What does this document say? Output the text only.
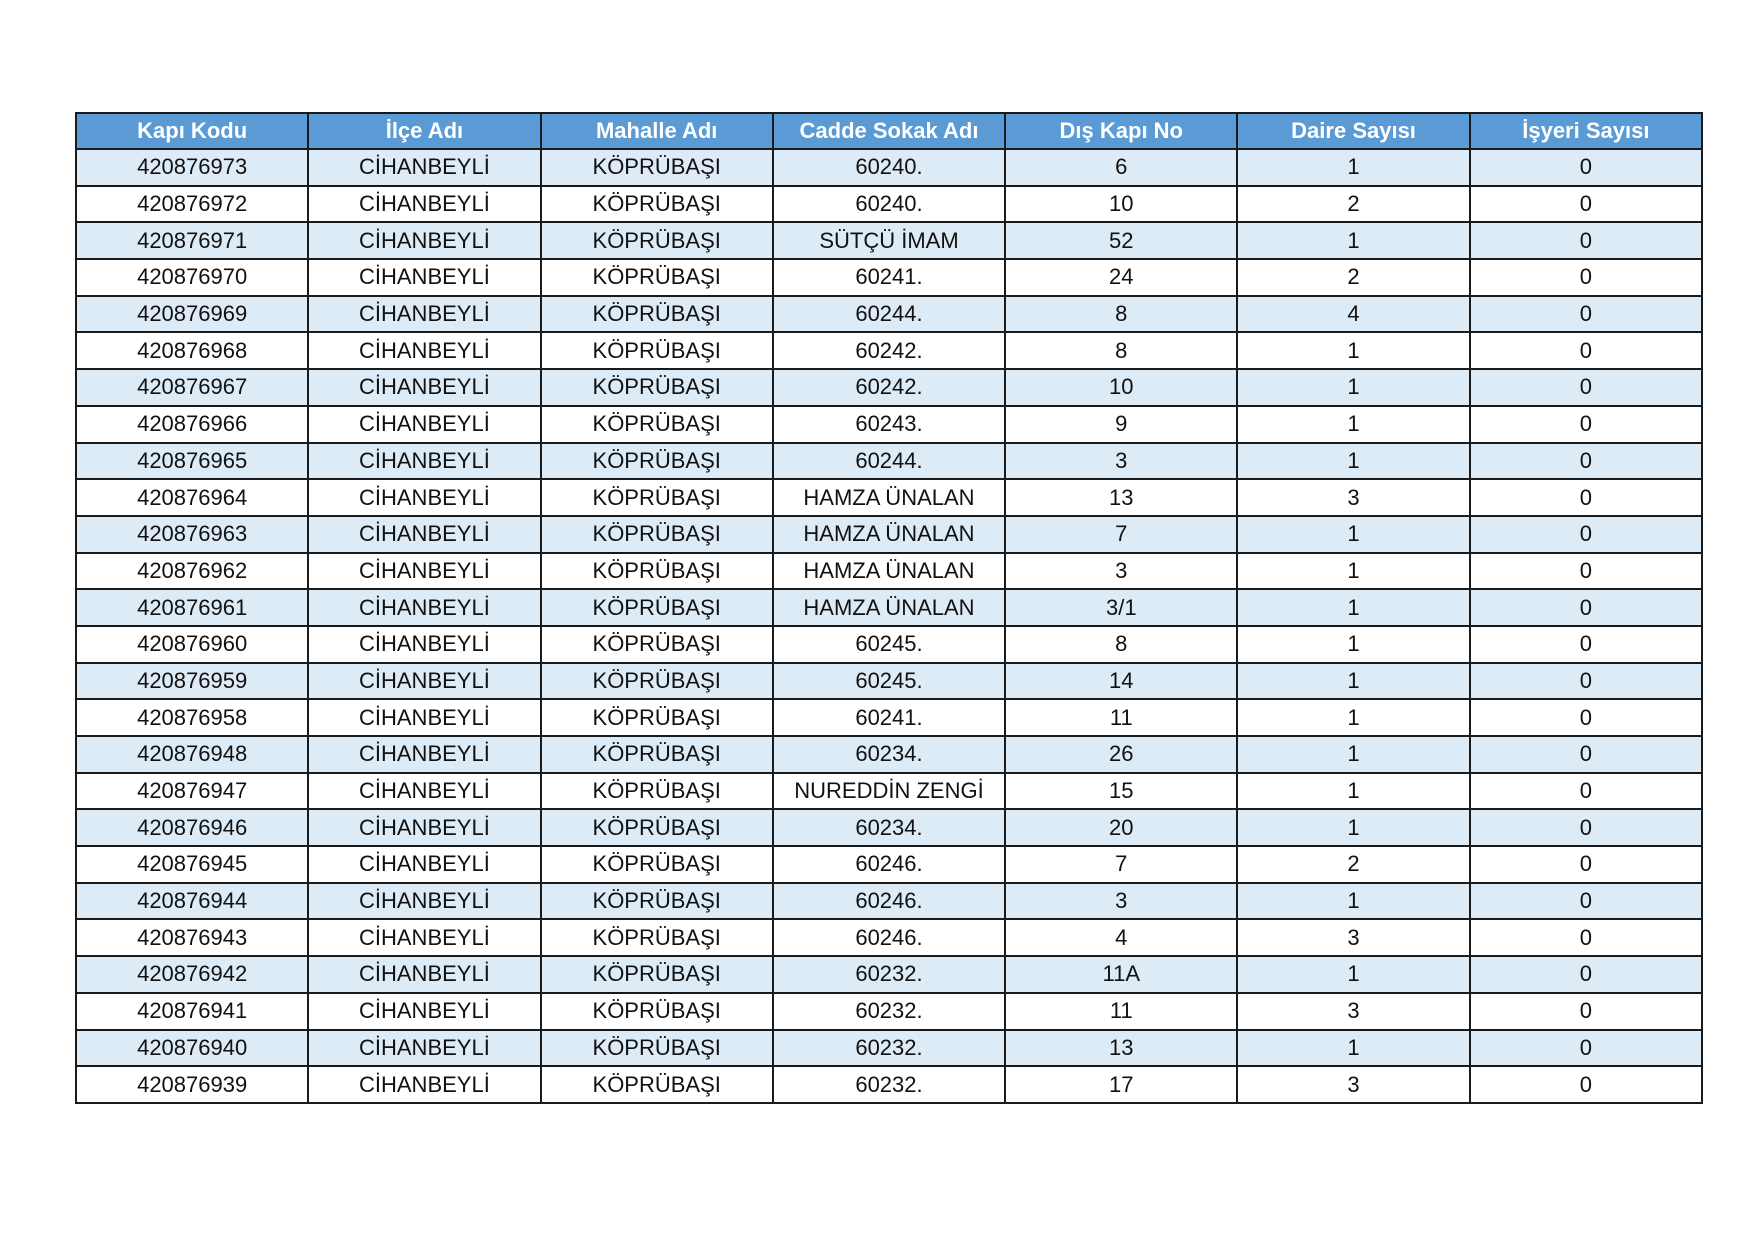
Kapı Kodu	İlçe Adı	Mahalle Adı	Cadde Sokak Adı	Dış Kapı No	Daire Sayısı	İşyeri Sayısı
420876973	CİHANBEYLİ	KÖPRÜBAŞI	60240.	6	1	0
420876972	CİHANBEYLİ	KÖPRÜBAŞI	60240.	10	2	0
420876971	CİHANBEYLİ	KÖPRÜBAŞI	SÜTÇÜ İMAM	52	1	0
420876970	CİHANBEYLİ	KÖPRÜBAŞI	60241.	24	2	0
420876969	CİHANBEYLİ	KÖPRÜBAŞI	60244.	8	4	0
420876968	CİHANBEYLİ	KÖPRÜBAŞI	60242.	8	1	0
420876967	CİHANBEYLİ	KÖPRÜBAŞI	60242.	10	1	0
420876966	CİHANBEYLİ	KÖPRÜBAŞI	60243.	9	1	0
420876965	CİHANBEYLİ	KÖPRÜBAŞI	60244.	3	1	0
420876964	CİHANBEYLİ	KÖPRÜBAŞI	HAMZA ÜNALAN	13	3	0
420876963	CİHANBEYLİ	KÖPRÜBAŞI	HAMZA ÜNALAN	7	1	0
420876962	CİHANBEYLİ	KÖPRÜBAŞI	HAMZA ÜNALAN	3	1	0
420876961	CİHANBEYLİ	KÖPRÜBAŞI	HAMZA ÜNALAN	3/1	1	0
420876960	CİHANBEYLİ	KÖPRÜBAŞI	60245.	8	1	0
420876959	CİHANBEYLİ	KÖPRÜBAŞI	60245.	14	1	0
420876958	CİHANBEYLİ	KÖPRÜBAŞI	60241.	11	1	0
420876948	CİHANBEYLİ	KÖPRÜBAŞI	60234.	26	1	0
420876947	CİHANBEYLİ	KÖPRÜBAŞI	NUREDDİN ZENGİ	15	1	0
420876946	CİHANBEYLİ	KÖPRÜBAŞI	60234.	20	1	0
420876945	CİHANBEYLİ	KÖPRÜBAŞI	60246.	7	2	0
420876944	CİHANBEYLİ	KÖPRÜBAŞI	60246.	3	1	0
420876943	CİHANBEYLİ	KÖPRÜBAŞI	60246.	4	3	0
420876942	CİHANBEYLİ	KÖPRÜBAŞI	60232.	11A	1	0
420876941	CİHANBEYLİ	KÖPRÜBAŞI	60232.	11	3	0
420876940	CİHANBEYLİ	KÖPRÜBAŞI	60232.	13	1	0
420876939	CİHANBEYLİ	KÖPRÜBAŞI	60232.	17	3	0
